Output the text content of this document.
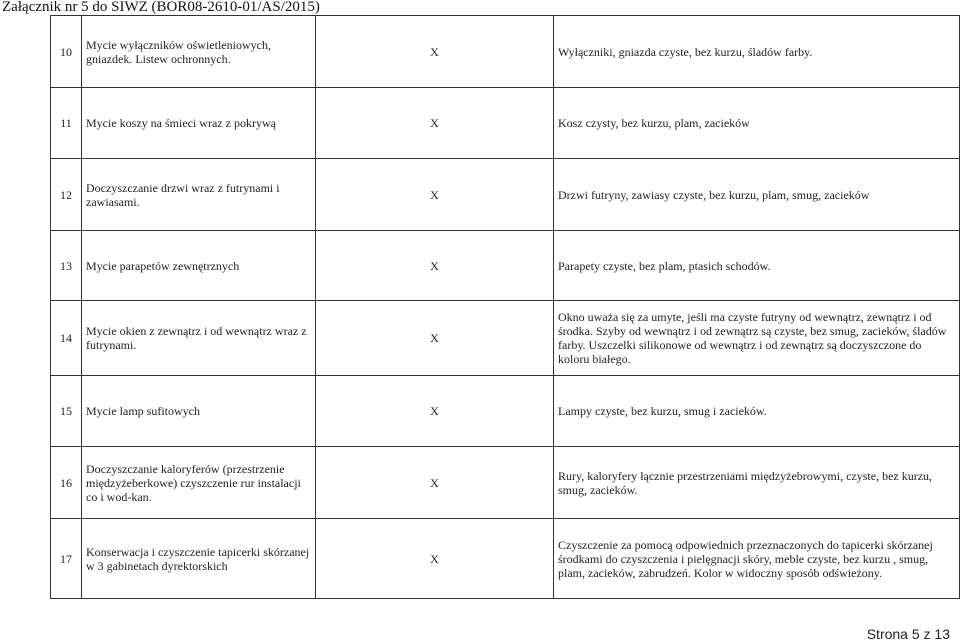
Załącznik nr 5 do SIWZ (BOR08-2610-01/AS/2015)
10	Mycie wyłączników oświetleniowych, gniazdek. Listew ochronnych.	X	Wyłączniki, gniazda czyste, bez kurzu, śladów farby.
11	Mycie koszy na śmieci wraz z pokrywą	X	Kosz czysty, bez kurzu, plam, zacieków
12	Doczyszczanie drzwi wraz z futrynami i zawiasami.	X	Drzwi futryny, zawiasy czyste, bez kurzu, plam, smug, zacieków
13	Mycie parapetów zewnętrznych	X	Parapety czyste, bez plam, ptasich schodów.
14	Mycie okien z zewnątrz i od wewnątrz wraz z futrynami.	X	Okno uważa się za umyte, jeśli ma czyste futryny od wewnątrz, zewnątrz i od środka. Szyby od wewnątrz i od zewnątrz są czyste, bez smug, zacieków, śladów farby. Uszczelki silikonowe od wewnątrz i od zewnątrz są doczyszczone do koloru białego.
15	Mycie lamp sufitowych	X	Lampy czyste, bez kurzu, smug i zacieków.
16	Doczyszczanie kaloryferów (przestrzenie międzyżeberkowe) czyszczenie rur instalacji co i wod-kan.	X	Rury, kaloryfery łącznie przestrzeniami międzyżebrowymi, czyste, bez kurzu, smug, zacieków.
17	Konserwacja i czyszczenie tapicerki skórzanej w 3 gabinetach dyrektorskich	X	Czyszczenie za pomocą odpowiednich przeznaczonych do tapicerki skórzanej środkami do czyszczenia i pielęgnacji skóry, meble czyste, bez kurzu , smug, plam, zacieków, zabrudzeń. Kolor w widoczny sposób odświeżony.
Strona 5 z 13
